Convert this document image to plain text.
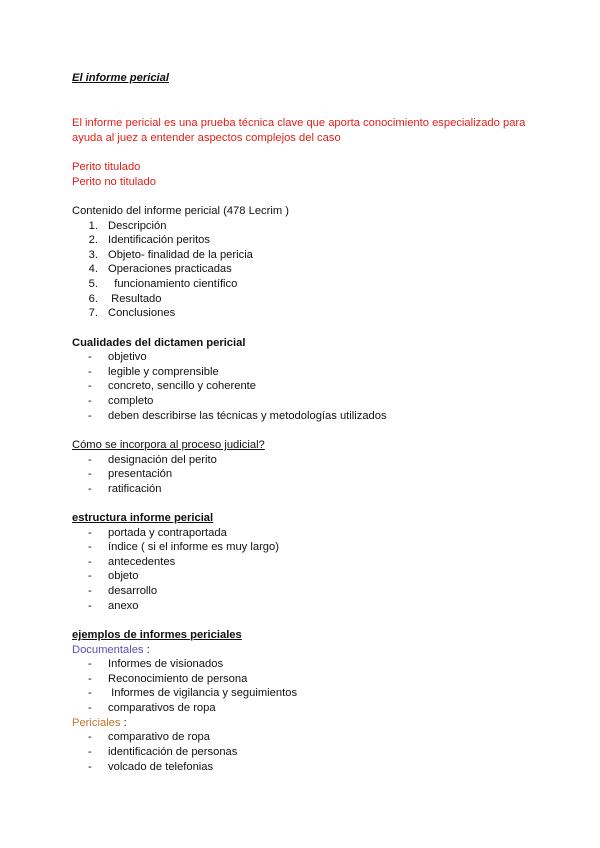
El informe pericial
El informe pericial es una prueba técnica clave que aporta conocimiento especializado para
ayuda al juez a entender aspectos complejos del caso
Perito titulado
Perito no titulado
Contenido del informe pericial (478 Lecrim )
1. Descripción
2. Identificación peritos
3. Objeto- finalidad de la pericia
4. Operaciones practicadas
5. funcionamiento científico
6. Resultado
7. Conclusiones
Cualidades del dictamen pericial
- objetivo
- legible y comprensible
- concreto, sencillo y coherente
- completo
- deben describirse las técnicas y metodologías utilizados
Cómo se incorpora al proceso judicial?
- designación del perito
- presentación
- ratificación
estructura informe pericial
- portada y contraportada
- índice ( si el informe es muy largo)
- antecedentes
- objeto
- desarrollo
- anexo
ejemplos de informes periciales
Documentales :
- Informes de visionados
- Reconocimiento de persona
- Informes de vigilancia y seguimientos
- comparativos de ropa
Periciales :
- comparativo de ropa
- identificación de personas
- volcado de telefonias
